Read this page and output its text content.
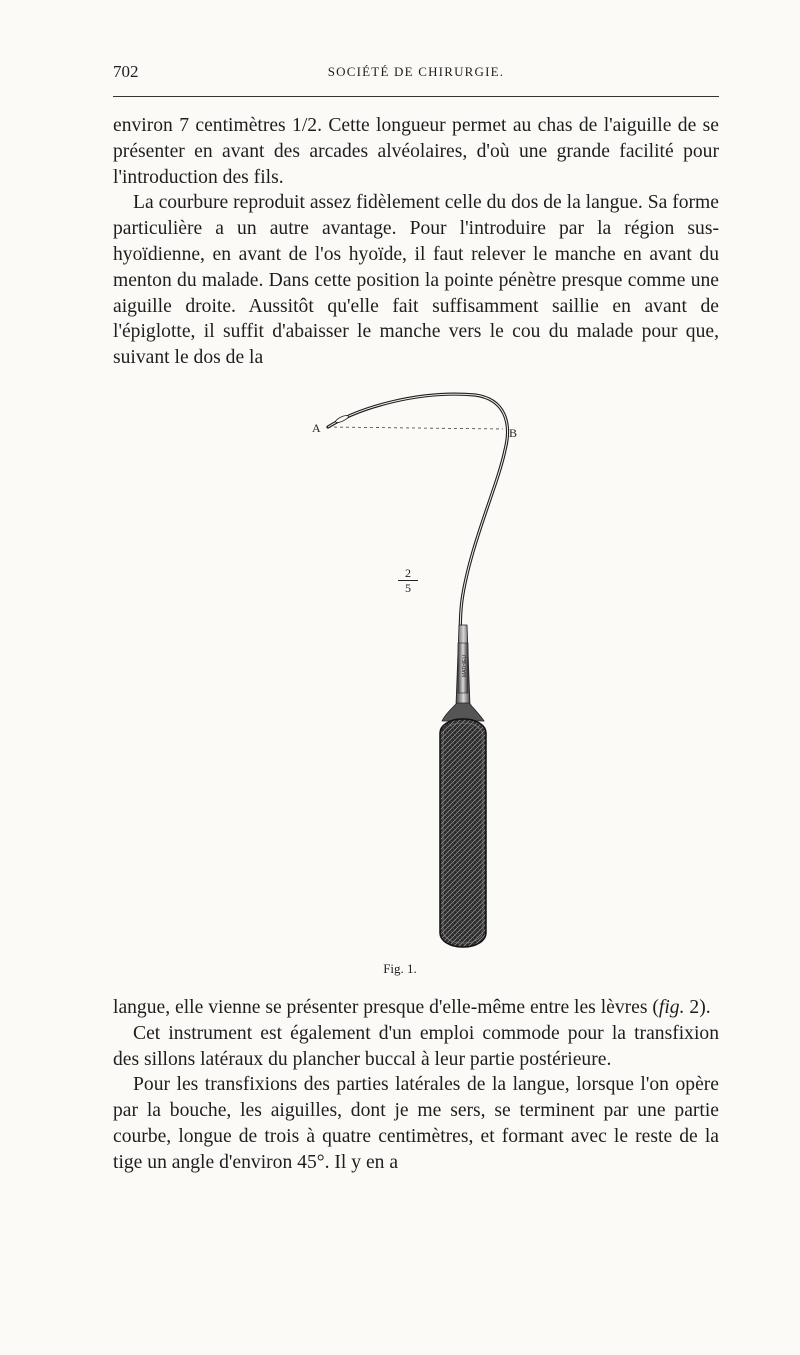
702	SOCIÉTÉ DE CHIRURGIE.

environ 7 centimètres 1/2. Cette longueur permet au chas de l'aiguille de se présenter en avant des arcades alvéolaires, d'où une grande facilité pour l'introduction des fils.

La courbure reproduit assez fidèlement celle du dos de la langue. Sa forme particulière a un autre avantage. Pour l'introduire par la région sus-hyoïdienne, en avant de l'os hyoïde, il faut relever le manche en avant du menton du malade. Dans cette position la pointe pénètre presque comme une aiguille droite. Aussitôt qu'elle fait suffisamment saillie en avant de l'épiglotte, il suffit d'abaisser le manche vers le cou du malade pour que, suivant le dos de la

MATHIEU
A	B
$\frac{2}{5}$
Fig. 1.

langue, elle vienne se présenter presque d'elle-même entre les lèvres (fig. 2).

Cet instrument est également d'un emploi commode pour la transfixion des sillons latéraux du plancher buccal à leur partie postérieure.

Pour les transfixions des parties latérales de la langue, lorsque l'on opère par la bouche, les aiguilles, dont je me sers, se terminent par une partie courbe, longue de trois à quatre centimètres, et formant avec le reste de la tige un angle d'environ 45°. Il y en a
